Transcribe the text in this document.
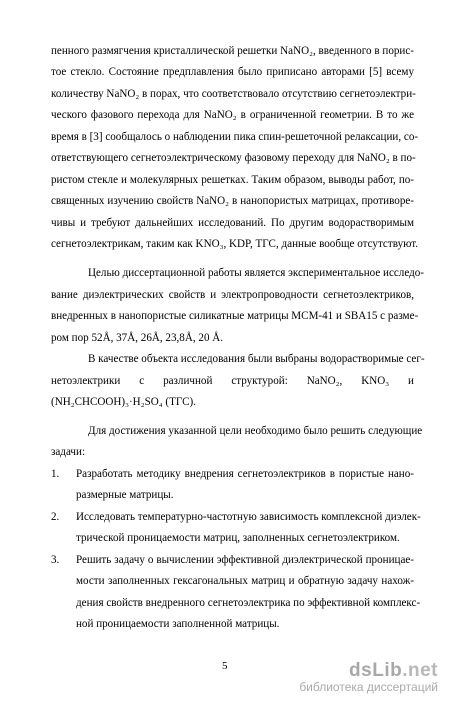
пенного размягчения кристаллической решетки NaNO₂, введенного в порис-
тое стекло. Состояние предплавления было приписано авторами [5] всему
количеству NaNO₂ в порах, что соответствовало отсутствию сегнетоэлектри-
ческого фазового перехода для NaNO₂ в ограниченной геометрии. В то же
время в [3] сообщалось о наблюдении пика спин-решеточной релаксации, со-
ответствующего сегнетоэлектрическому фазовому переходу для NaNO₂ в по-
ристом стекле и молекулярных решетках. Таким образом, выводы работ, по-
священных изучению свойств NaNO₂ в нанопористых матрицах, противоре-
чивы и требуют дальнейших исследований. По другим водорастворимым
сегнетоэлектрикам, таким как KNO₃, KDP, ТГС, данные вообще отсутствуют.
Целью диссертационной работы является экспериментальное исследо-
вание диэлектрических свойств и электропроводности сегнетоэлектриков,
внедренных в нанопористые силикатные матрицы МСМ-41 и SBA15 с разме-
ром пор 52Å, 37Å, 26Å, 23,8Å, 20 Å.
В качестве объекта исследования были выбраны водорастворимые сег-
нетоэлектрики с различной структурой: NaNO₂, KNO₃ и
(NH₂CHCOOH)₃·H₂SO₄ (ТГС).
Для достижения указанной цели необходимо было решить следующие
задачи:
1. Разработать методику внедрения сегнетоэлектриков в пористые нано-
размерные матрицы.
2. Исследовать температурно-частотную зависимость комплексной диэлек-
трической проницаемости матриц, заполненных сегнетоэлектриком.
3. Решить задачу о вычислении эффективной диэлектрической проницае-
мости заполненных гексагональных матриц и обратную задачу нахож-
дения свойств внедренного сегнетоэлектрика по эффективной комплекс-
ной проницаемости заполненной матрицы.
5	dsLib.net
библиотека диссертаций
